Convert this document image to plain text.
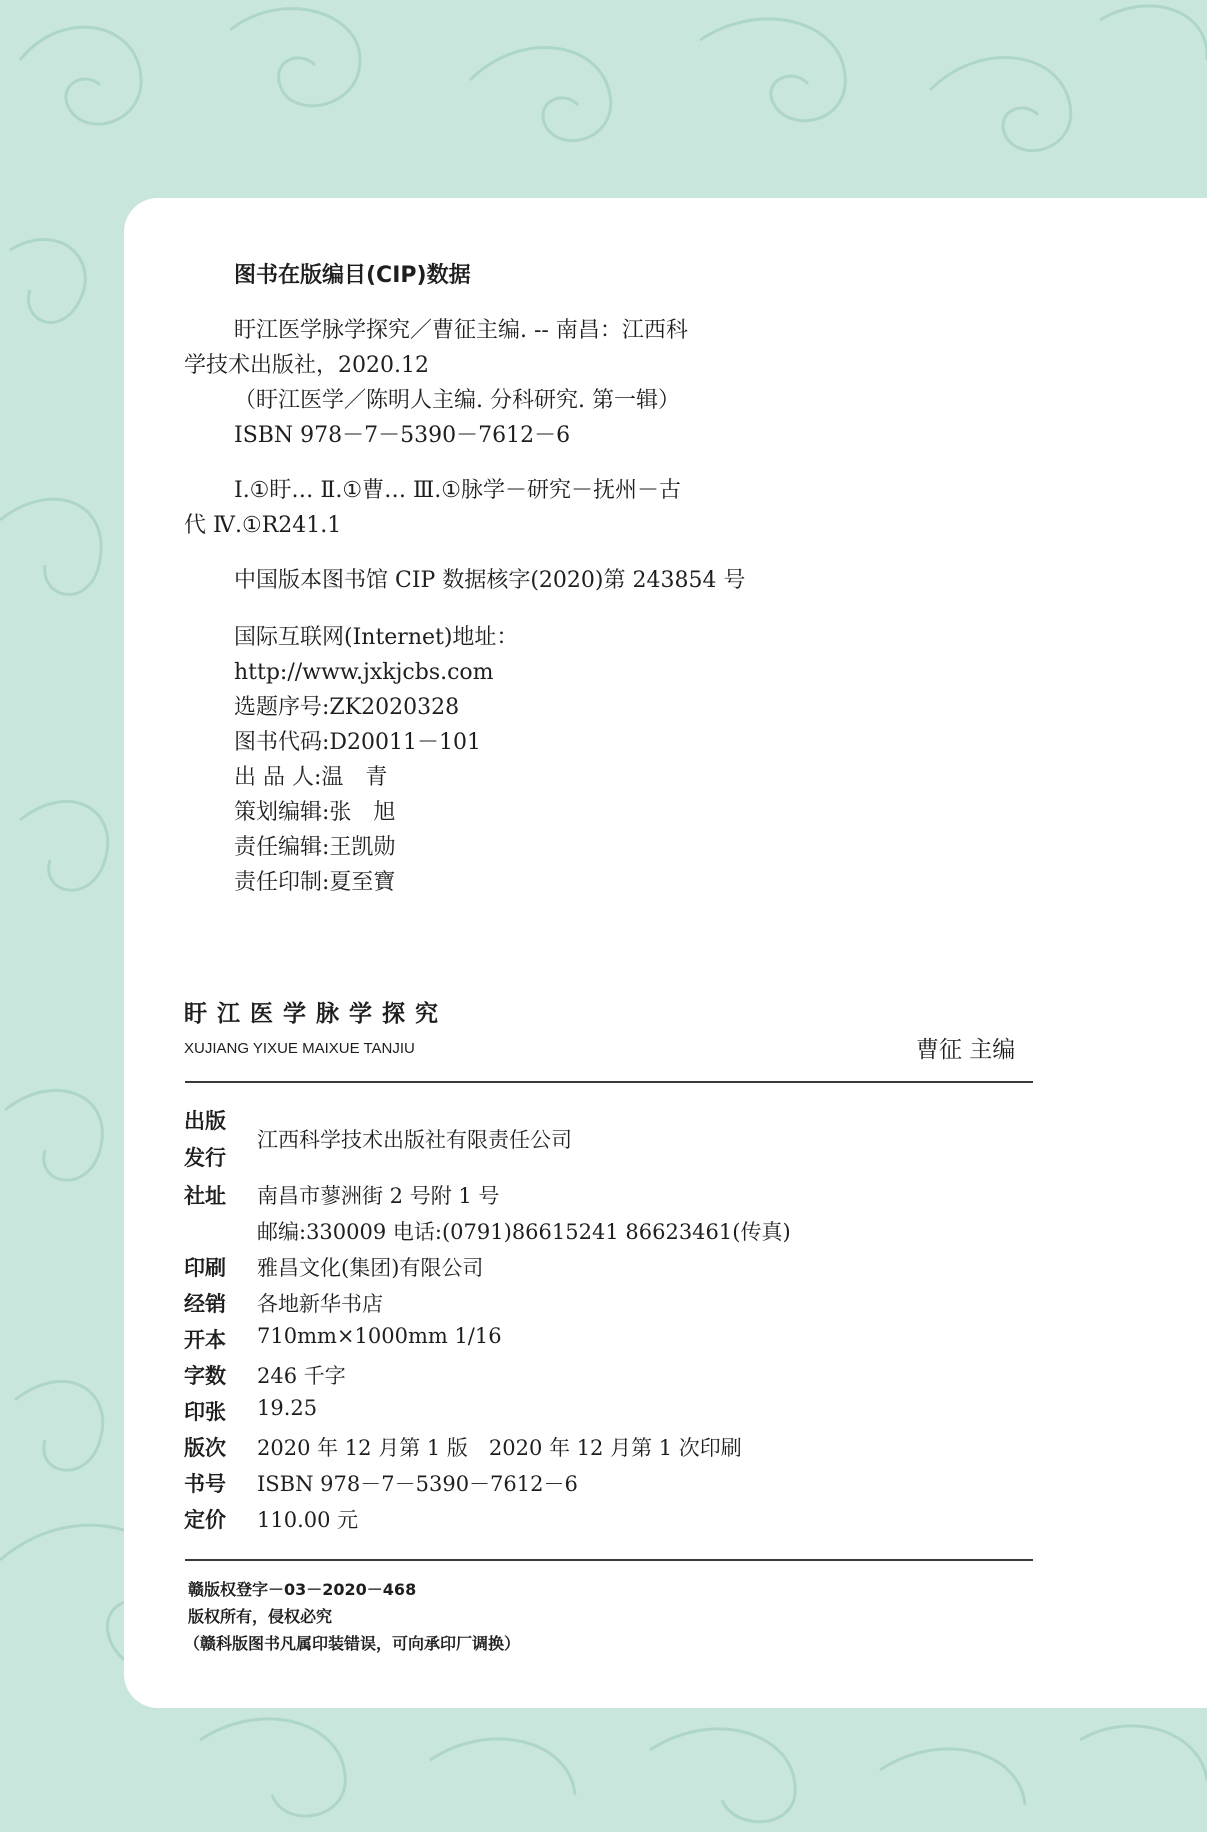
图书在版编目(CIP)数据
盱江医学脉学探究／曹征主编. -- 南昌：江西科
学技术出版社，2020.12
（盱江医学／陈明人主编. 分科研究. 第一辑）
ISBN 978－7－5390－7612－6
Ⅰ.①盱… Ⅱ.①曹… Ⅲ.①脉学－研究－抚州－古
代 Ⅳ.①R241.1
中国版本图书馆 CIP 数据核字(2020)第 243854 号
国际互联网(Internet)地址：
http://www.jxkjcbs.com
选题序号:ZK2020328
图书代码:D20011－101
出 品 人:温　青
策划编辑:张　旭
责任编辑:王凯勋
责任印制:夏至寶
盱江医学脉学探究
XUJIANG YIXUE MAIXUE TANJIU	曹征 主编
出版
发行
江西科学技术出版社有限责任公司
社址 南昌市蓼洲街 2 号附 1 号
邮编:330009 电话:(0791)86615241 86623461(传真)
印刷 雅昌文化(集团)有限公司
经销 各地新华书店
开本 710mm×1000mm 1/16
字数 246 千字
印张 19.25
版次 2020 年 12 月第 1 版　2020 年 12 月第 1 次印刷
书号 ISBN 978－7－5390－7612－6
定价 110.00 元
赣版权登字－03－2020－468
版权所有，侵权必究
（赣科版图书凡属印装错误，可向承印厂调换）
